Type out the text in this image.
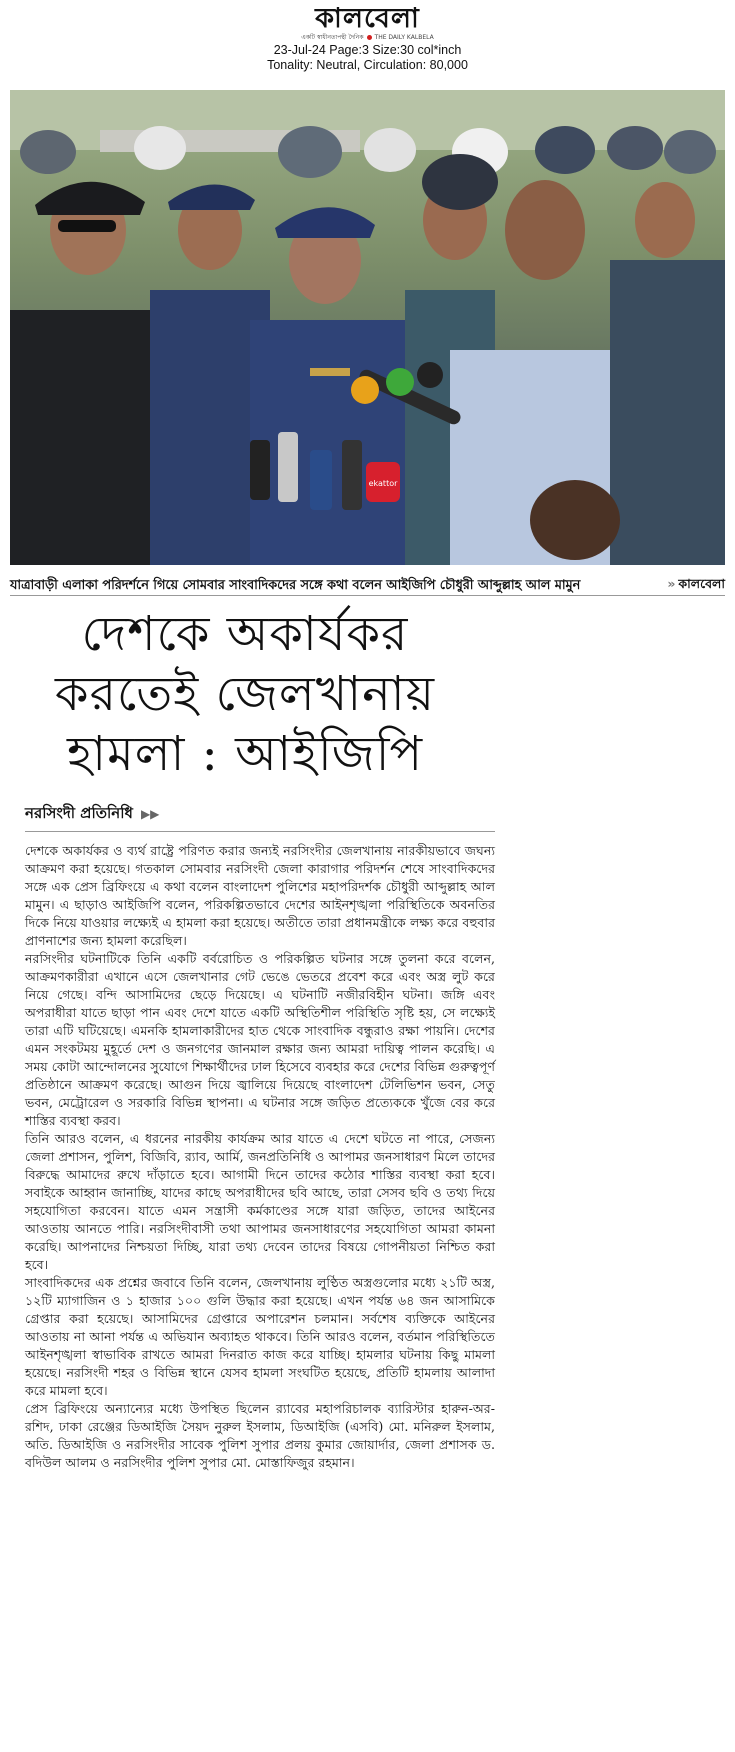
কালবেলা
একটি স্বাধীনতাপন্থী দৈনিক THE DAILY KALBELA
23-Jul-24 Page:3 Size:30 col*inch
Tonality: Neutral, Circulation: 80,000
ekattor
যাত্রাবাড়ী এলাকা পরিদর্শনে গিয়ে সোমবার সাংবাদিকদের সঙ্গে কথা বলেন আইজিপি চৌধুরী আব্দুল্লাহ আল মামুন	» কালবেলা
দেশকে অকার্যকর
করতেই জেলখানায়
হামলা : আইজিপি
নরসিংদী প্রতিনিধি ▶▶

দেশকে অকার্যকর ও ব্যর্থ রাষ্ট্রে পরিণত করার জন্যই নরসিংদীর জেলখানায় নারকীয়ভাবে জঘন্য আক্রমণ করা হয়েছে। গতকাল সোমবার নরসিংদী জেলা কারাগার পরিদর্শন শেষে সাংবাদিকদের সঙ্গে এক প্রেস ব্রিফিংয়ে এ কথা বলেন বাংলাদেশ পুলিশের মহাপরিদর্শক চৌধুরী আব্দুল্লাহ আল মামুন। এ ছাড়াও আইজিপি বলেন, পরিকল্পিতভাবে দেশের আইনশৃঙ্খলা পরিস্থিতিকে অবনতির দিকে নিয়ে যাওয়ার লক্ষ্যেই এ হামলা করা হয়েছে। অতীতে তারা প্রধানমন্ত্রীকে লক্ষ্য করে বহুবার প্রাণনাশের জন্য হামলা করেছিল।

নরসিংদীর ঘটনাটিকে তিনি একটি বর্বরোচিত ও পরিকল্পিত ঘটনার সঙ্গে তুলনা করে বলেন, আক্রমণকারীরা এখানে এসে জেলখানার গেট ভেঙে ভেতরে প্রবেশ করে এবং অস্ত্র লুট করে নিয়ে গেছে। বন্দি আসামিদের ছেড়ে দিয়েছে। এ ঘটনাটি নজীরবিহীন ঘটনা। জঙ্গি এবং অপরাধীরা যাতে ছাড়া পান এবং দেশে যাতে একটি অস্থিতিশীল পরিস্থিতি সৃষ্টি হয়, সে লক্ষ্যেই তারা এটি ঘটিয়েছে। এমনকি হামলাকারীদের হাত থেকে সাংবাদিক বন্ধুরাও রক্ষা পায়নি। দেশের এমন সংকটময় মুহূর্তে দেশ ও জনগণের জানমাল রক্ষার জন্য আমরা দায়িত্ব পালন করেছি। এ সময় কোটা আন্দোলনের সুযোগে শিক্ষার্থীদের ঢাল হিসেবে ব্যবহার করে দেশের বিভিন্ন গুরুত্বপূর্ণ প্রতিষ্ঠানে আক্রমণ করেছে। আগুন দিয়ে জ্বালিয়ে দিয়েছে বাংলাদেশ টেলিভিশন ভবন, সেতু ভবন, মেট্রোরেল ও সরকারি বিভিন্ন স্থাপনা। এ ঘটনার সঙ্গে জড়িত প্রত্যেককে খুঁজে বের করে শাস্তির ব্যবস্থা করব।

তিনি আরও বলেন, এ ধরনের নারকীয় কার্যক্রম আর যাতে এ দেশে ঘটতে না পারে, সেজন্য জেলা প্রশাসন, পুলিশ, বিজিবি, র‍্যাব, আর্মি, জনপ্রতিনিধি ও আপামর জনসাধারণ মিলে তাদের বিরুদ্ধে আমাদের রুখে দাঁড়াতে হবে। আগামী দিনে তাদের কঠোর শাস্তির ব্যবস্থা করা হবে। সবাইকে আহ্বান জানাচ্ছি, যাদের কাছে অপরাধীদের ছবি আছে, তারা সেসব ছবি ও তথ্য দিয়ে সহযোগিতা করবেন। যাতে এমন সন্ত্রাসী কর্মকাণ্ডের সঙ্গে যারা জড়িত, তাদের আইনের আওতায় আনতে পারি। নরসিংদীবাসী তথা আপামর জনসাধারণের সহযোগিতা আমরা কামনা করেছি। আপনাদের নিশ্চয়তা দিচ্ছি, যারা তথ্য দেবেন তাদের বিষয়ে গোপনীয়তা নিশ্চিত করা হবে।

সাংবাদিকদের এক প্রশ্নের জবাবে তিনি বলেন, জেলখানায় লুণ্ঠিত অস্ত্রগুলোর মধ্যে ২১টি অস্ত্র, ১২টি ম্যাগাজিন ও ১ হাজার ১০০ গুলি উদ্ধার করা হয়েছে। এখন পর্যন্ত ৬৪ জন আসামিকে গ্রেপ্তার করা হয়েছে। আসামিদের গ্রেপ্তারে অপারেশন চলমান। সর্বশেষ ব্যক্তিকে আইনের আওতায় না আনা পর্যন্ত এ অভিযান অব্যাহত থাকবে। তিনি আরও বলেন, বর্তমান পরিস্থিতিতে আইনশৃঙ্খলা স্বাভাবিক রাখতে আমরা দিনরাত কাজ করে যাচ্ছি। হামলার ঘটনায় কিছু মামলা হয়েছে। নরসিংদী শহর ও বিভিন্ন স্থানে যেসব হামলা সংঘটিত হয়েছে, প্রতিটি হামলায় আলাদা করে মামলা হবে।

প্রেস ব্রিফিংয়ে অন্যান্যের মধ্যে উপস্থিত ছিলেন র‍্যাবের মহাপরিচালক ব্যারিস্টার হারুন-অর-রশিদ, ঢাকা রেঞ্জের ডিআইজি সৈয়দ নুরুল ইসলাম, ডিআইজি (এসবি) মো. মনিরুল ইসলাম, অতি. ডিআইজি ও নরসিংদীর সাবেক পুলিশ সুপার প্রলয় কুমার জোয়ার্দার, জেলা প্রশাসক ড. বদিউল আলম ও নরসিংদীর পুলিশ সুপার মো. মোস্তাফিজুর রহমান।
